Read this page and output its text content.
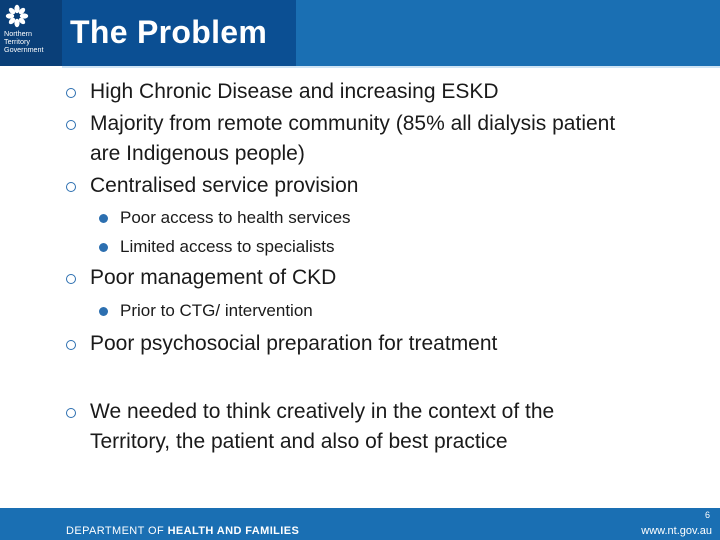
Northern
Territory
Government The Problem
High Chronic Disease and increasing ESKD
Majority from remote community (85% all dialysis patient
are Indigenous people)
Centralised service provision
Poor access to health services
Limited access to specialists
Poor management of CKD
Prior to CTG/ intervention
Poor psychosocial preparation for treatment
We needed to think creatively in the context of the
Territory, the patient and also of best practice
6
DEPARTMENT OF HEALTH AND FAMILIES	www.nt.gov.au
